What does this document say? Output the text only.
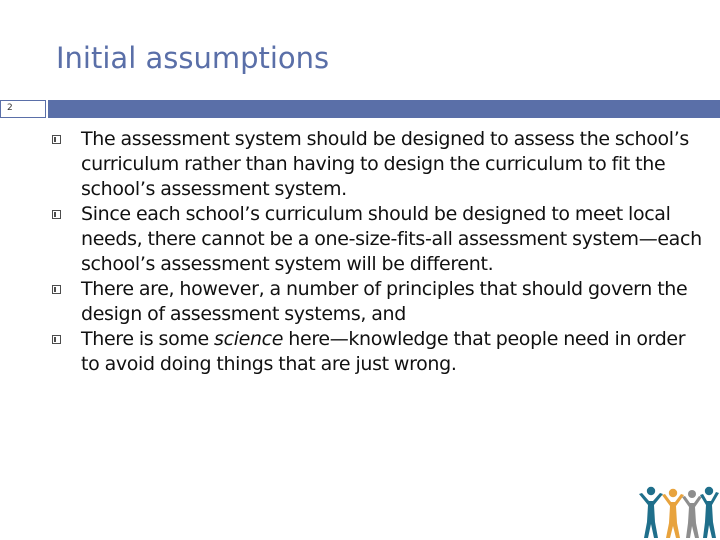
Initial assumptions
2
The assessment system should be designed to assess the school’s curriculum rather than having to design the curriculum to fit the school’s assessment system.
Since each school’s curriculum should be designed to meet local needs, there cannot be a one-size-fits-all assessment system—each school’s assessment system will be different.
There are, however, a number of principles that should govern the design of assessment systems, and
There is some science here—knowledge that people need in order to avoid doing things that are just wrong.
